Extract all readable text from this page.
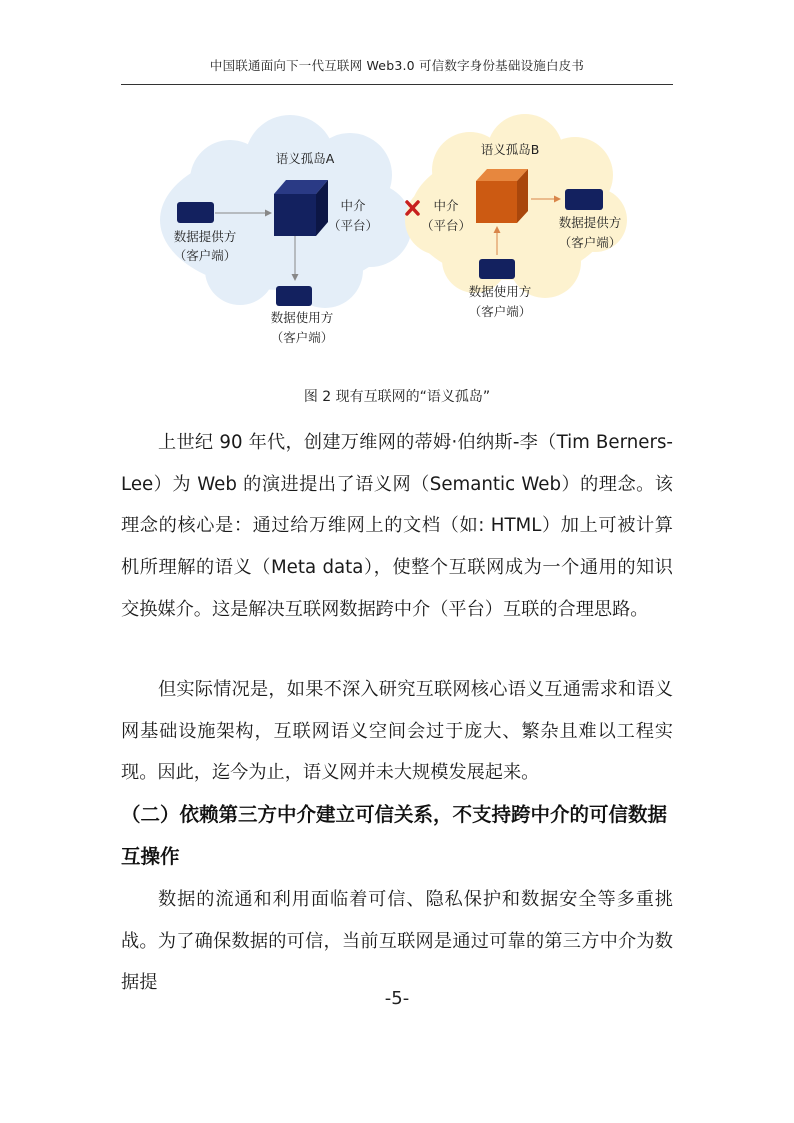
中国联通面向下一代互联网 Web3.0 可信数字身份基础设施白皮书
语义孤岛A
中介
（平台）
数据提供方
（客户端）
数据使用方
（客户端）
语义孤岛B
中介
（平台）	数据提供方
（客户端）
数据使用方
（客户端）
图 2 现有互联网的“语义孤岛”

上世纪 90 年代，创建万维网的蒂姆·伯纳斯-李（Tim Berners-Lee）为 Web 的演进提出了语义网（Semantic Web）的理念。该理念的核心是：通过给万维网上的文档（如: HTML）加上可被计算机所理解的语义（Meta data），使整个互联网成为一个通用的知识交换媒介。这是解决互联网数据跨中介（平台）互联的合理思路。

但实际情况是，如果不深入研究互联网核心语义互通需求和语义网基础设施架构，互联网语义空间会过于庞大、繁杂且难以工程实现。因此，迄今为止，语义网并未大规模发展起来。

（二）依赖第三方中介建立可信关系，不支持跨中介的可信数据互操作

数据的流通和利用面临着可信、隐私保护和数据安全等多重挑战。为了确保数据的可信，当前互联网是通过可靠的第三方中介为数据提

-5-
